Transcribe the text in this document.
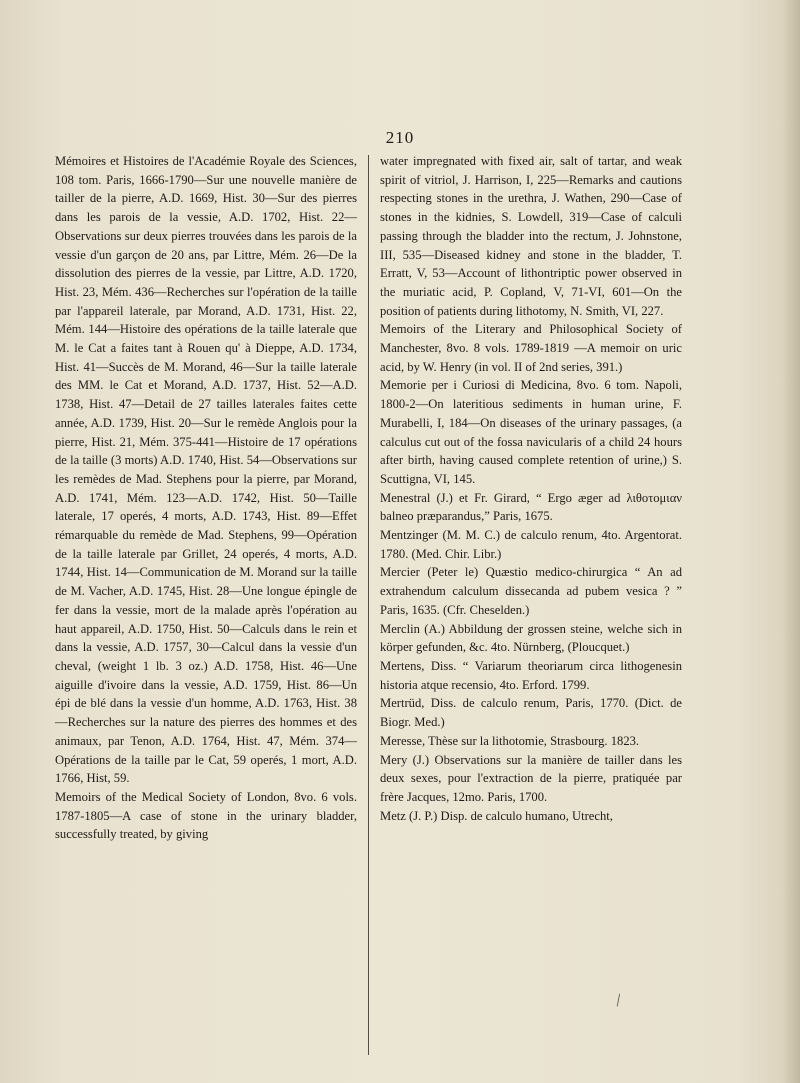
210

Mémoires et Histoires de l'Académie Royale des Sciences, 108 tom. Paris, 1666-1790—Sur une nouvelle manière de tailler de la pierre, A.D. 1669, Hist. 30—Sur des pierres dans les parois de la vessie, A.D. 1702, Hist. 22—Observations sur deux pierres trouvées dans les parois de la vessie d'un garçon de 20 ans, par Littre, Mém. 26—De la dissolution des pierres de la vessie, par Littre, A.D. 1720, Hist. 23, Mém. 436—Recherches sur l'opération de la taille par l'appareil laterale, par Morand, A.D. 1731, Hist. 22, Mém. 144—Histoire des opérations de la taille laterale que M. le Cat a faites tant à Rouen qu' à Dieppe, A.D. 1734, Hist. 41—Succès de M. Morand, 46—Sur la taille laterale des MM. le Cat et Morand, A.D. 1737, Hist. 52—A.D. 1738, Hist. 47—Detail de 27 tailles laterales faites cette année, A.D. 1739, Hist. 20—Sur le remède Anglois pour la pierre, Hist. 21, Mém. 375-441—Histoire de 17 opérations de la taille (3 morts) A.D. 1740, Hist. 54—Observations sur les remèdes de Mad. Stephens pour la pierre, par Morand, A.D. 1741, Mém. 123—A.D. 1742, Hist. 50—Taille laterale, 17 operés, 4 morts, A.D. 1743, Hist. 89—Effet rémarquable du remède de Mad. Stephens, 99—Opération de la taille laterale par Grillet, 24 operés, 4 morts, A.D. 1744, Hist. 14—Communication de M. Morand sur la taille de M. Vacher, A.D. 1745, Hist. 28—Une longue épingle de fer dans la vessie, mort de la malade après l'opération au haut appareil, A.D. 1750, Hist. 50—Calculs dans le rein et dans la vessie, A.D. 1757, 30—Calcul dans la vessie d'un cheval, (weight 1 lb. 3 oz.) A.D. 1758, Hist. 46—Une aiguille d'ivoire dans la vessie, A.D. 1759, Hist. 86—Un épi de blé dans la vessie d'un homme, A.D. 1763, Hist. 38—Recherches sur la nature des pierres des hommes et des animaux, par Tenon, A.D. 1764, Hist. 47, Mém. 374—Opérations de la taille par le Cat, 59 operés, 1 mort, A.D. 1766, Hist, 59.

Memoirs of the Medical Society of London, 8vo. 6 vols. 1787-1805—A case of stone in the urinary bladder, successfully treated, by giving

water impregnated with fixed air, salt of tartar, and weak spirit of vitriol, J. Harrison, I, 225—Remarks and cautions respecting stones in the urethra, J. Wathen, 290—Case of stones in the kidnies, S. Lowdell, 319—Case of calculi passing through the bladder into the rectum, J. Johnstone, III, 535—Diseased kidney and stone in the bladder, T. Erratt, V, 53—Account of lithontriptic power observed in the muriatic acid, P. Copland, V, 71-VI, 601—On the position of patients during lithotomy, N. Smith, VI, 227.

Memoirs of the Literary and Philosophical Society of Manchester, 8vo. 8 vols. 1789-1819 —A memoir on uric acid, by W. Henry (in vol. II of 2nd series, 391.)

Memorie per i Curiosi di Medicina, 8vo. 6 tom. Napoli, 1800-2—On lateritious sediments in human urine, F. Murabelli, I, 184—On diseases of the urinary passages, (a calculus cut out of the fossa navicularis of a child 24 hours after birth, having caused complete retention of urine,) S. Scuttigna, VI, 145.

Menestral (J.) et Fr. Girard, “ Ergo æger ad λιθοτομιαν balneo præparandus,” Paris, 1675.

Mentzinger (M. M. C.) de calculo renum, 4to. Argentorat. 1780. (Med. Chir. Libr.)

Mercier (Peter le) Quæstio medico-chirurgica “ An ad extrahendum calculum dissecanda ad pubem vesica ? ” Paris, 1635. (Cfr. Cheselden.)

Merclin (A.) Abbildung der grossen steine, welche sich in körper gefunden, &c. 4to. Nürnberg, (Ploucquet.)

Mertens, Diss. “ Variarum theoriarum circa lithogenesin historia atque recensio, 4to. Erford. 1799.

Mertrüd, Diss. de calculo renum, Paris, 1770. (Dict. de Biogr. Med.)

Meresse, Thèse sur la lithotomie, Strasbourg. 1823.

Mery (J.) Observations sur la manière de tailler dans les deux sexes, pour l'extraction de la pierre, pratiquée par frère Jacques, 12mo. Paris, 1700.

Metz (J. P.) Disp. de calculo humano, Utrecht,

/
